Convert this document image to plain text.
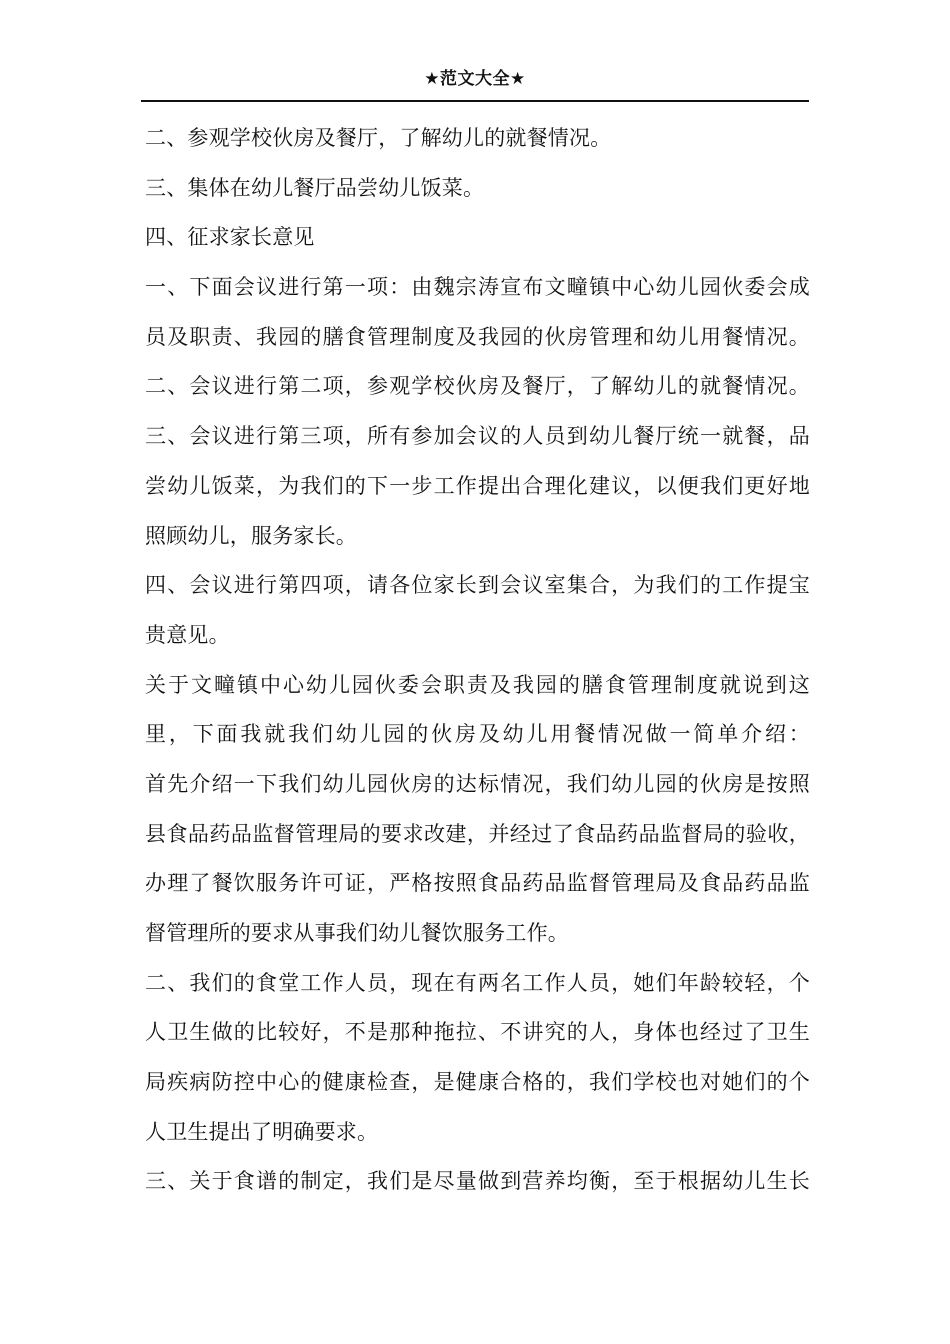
★范文大全★
二、参观学校伙房及餐厅，了解幼儿的就餐情况。
三、集体在幼儿餐厅品尝幼儿饭菜。
四、征求家长意见
一、下面会议进行第一项：由魏宗涛宣布文疃镇中心幼儿园伙委会成
员及职责、我园的膳食管理制度及我园的伙房管理和幼儿用餐情况。
二、会议进行第二项，参观学校伙房及餐厅，了解幼儿的就餐情况。
三、会议进行第三项，所有参加会议的人员到幼儿餐厅统一就餐，品
尝幼儿饭菜，为我们的下一步工作提出合理化建议，以便我们更好地
照顾幼儿，服务家长。
四、会议进行第四项，请各位家长到会议室集合，为我们的工作提宝
贵意见。
关于文疃镇中心幼儿园伙委会职责及我园的膳食管理制度就说到这
里，下面我就我们幼儿园的伙房及幼儿用餐情况做一简单介绍：
首先介绍一下我们幼儿园伙房的达标情况，我们幼儿园的伙房是按照
县食品药品监督管理局的要求改建，并经过了食品药品监督局的验收，
办理了餐饮服务许可证，严格按照食品药品监督管理局及食品药品监
督管理所的要求从事我们幼儿餐饮服务工作。
二、我们的食堂工作人员，现在有两名工作人员，她们年龄较轻，个
人卫生做的比较好，不是那种拖拉、不讲究的人，身体也经过了卫生
局疾病防控中心的健康检查，是健康合格的，我们学校也对她们的个
人卫生提出了明确要求。
三、关于食谱的制定，我们是尽量做到营养均衡，至于根据幼儿生长
